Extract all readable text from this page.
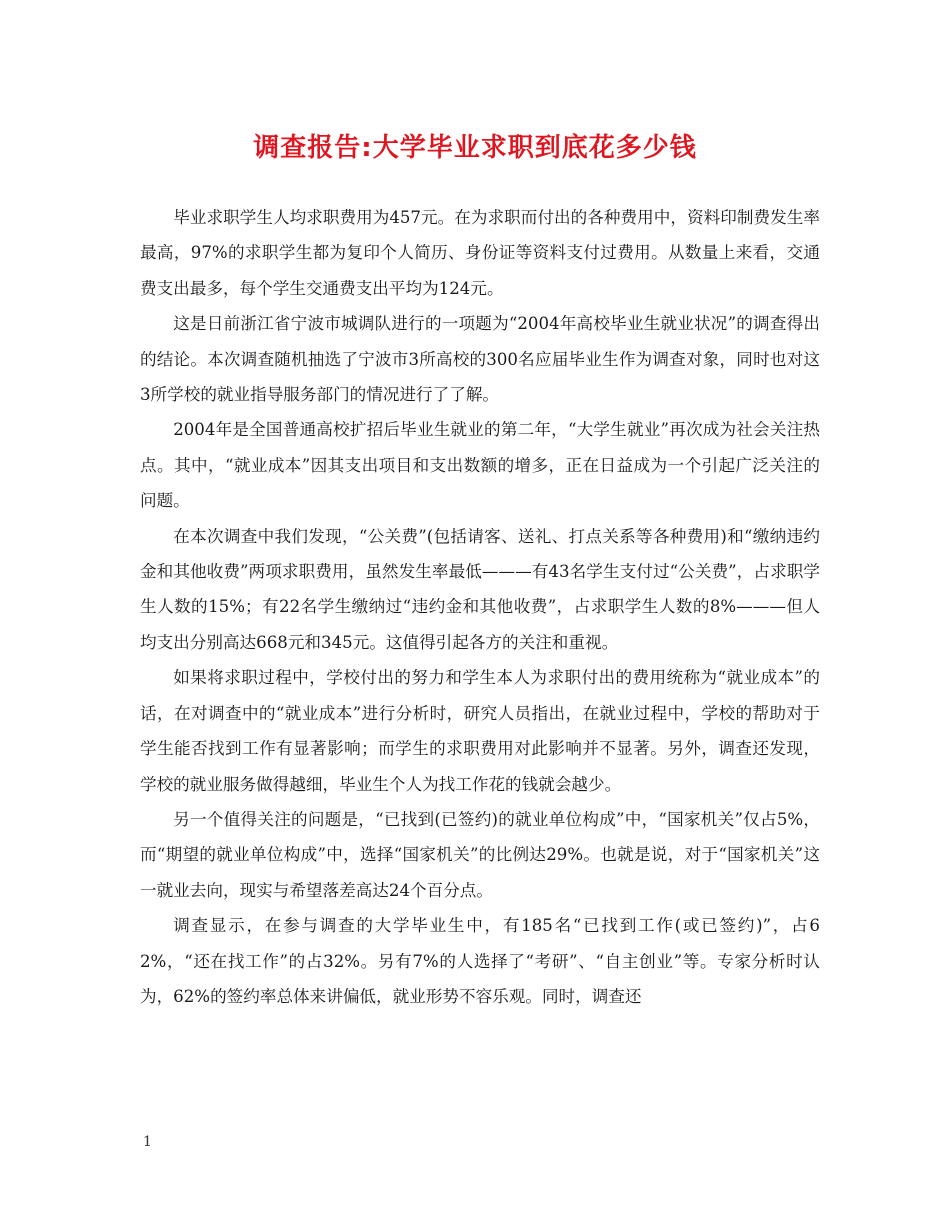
调查报告:大学毕业求职到底花多少钱

毕业求职学生人均求职费用为457元。在为求职而付出的各种费用中，资料印制费发生率最高，97%的求职学生都为复印个人简历、身份证等资料支付过费用。从数量上来看，交通费支出最多，每个学生交通费支出平均为124元。

这是日前浙江省宁波市城调队进行的一项题为“2004年高校毕业生就业状况”的调查得出的结论。本次调查随机抽选了宁波市3所高校的300名应届毕业生作为调查对象，同时也对这3所学校的就业指导服务部门的情况进行了了解。

2004年是全国普通高校扩招后毕业生就业的第二年，“大学生就业”再次成为社会关注热点。其中，“就业成本”因其支出项目和支出数额的增多，正在日益成为一个引起广泛关注的问题。

在本次调查中我们发现，“公关费”(包括请客、送礼、打点关系等各种费用)和“缴纳违约金和其他收费”两项求职费用，虽然发生率最低———有43名学生支付过“公关费”，占求职学生人数的15%；有22名学生缴纳过“违约金和其他收费”，占求职学生人数的8%———但人均支出分别高达668元和345元。这值得引起各方的关注和重视。

如果将求职过程中，学校付出的努力和学生本人为求职付出的费用统称为“就业成本”的话，在对调查中的“就业成本”进行分析时，研究人员指出，在就业过程中，学校的帮助对于学生能否找到工作有显著影响；而学生的求职费用对此影响并不显著。另外，调查还发现，学校的就业服务做得越细，毕业生个人为找工作花的钱就会越少。

另一个值得关注的问题是，“已找到(已签约)的就业单位构成”中，“国家机关”仅占5%，而“期望的就业单位构成”中，选择“国家机关”的比例达29%。也就是说，对于“国家机关”这一就业去向，现实与希望落差高达24个百分点。

调查显示，在参与调查的大学毕业生中，有185名“已找到工作(或已签约)”，占62%，“还在找工作”的占32%。另有7%的人选择了“考研”、“自主创业”等。专家分析时认为，62%的签约率总体来讲偏低，就业形势不容乐观。同时，调查还

1
